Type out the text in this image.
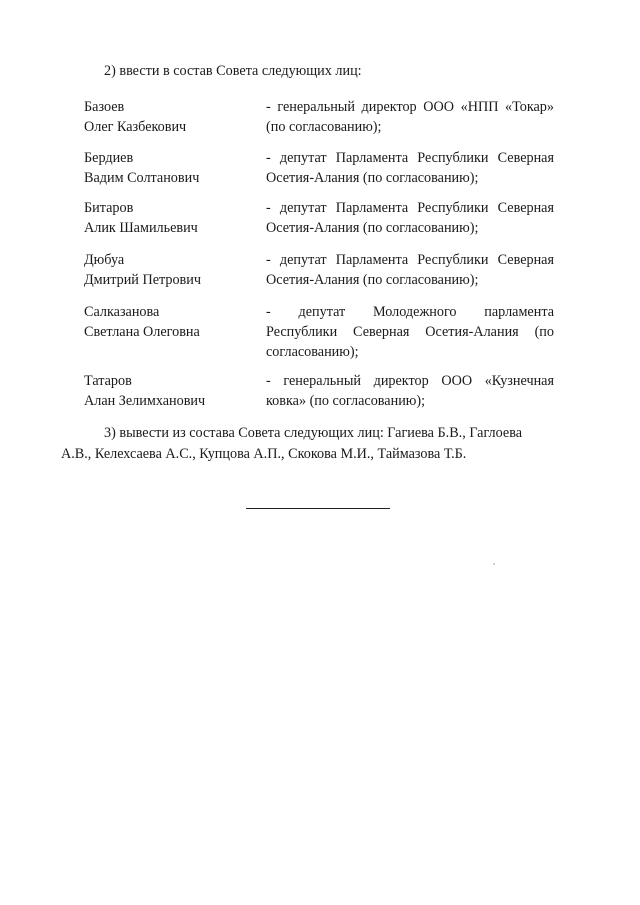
2) ввести в состав Совета следующих лиц:
Базоев
Олег Казбекович
- генеральный директор ООО «НПП «Токар» (по согласованию);
Бердиев
Вадим Солтанович
- депутат Парламента Республики Северная Осетия-Алания (по согласованию);
Битаров
Алик Шамильевич
- депутат Парламента Республики Северная Осетия-Алания (по согласованию);
Дюбуа
Дмитрий Петрович
- депутат Парламента Республики Северная Осетия-Алания (по согласованию);
Салказанова
Светлана Олеговна
- депутат Молодежного парламента Республики Северная Осетия-Алания (по согласованию);
Татаров
Алан Зелимханович
- генеральный директор ООО «Кузнечная ковка» (по согласованию);
3) вывести из состава Совета следующих лиц: Гагиева Б.В., Гаглоева
А.В., Келехсаева А.С., Купцова А.П., Скокова М.И., Таймазова Т.Б.
